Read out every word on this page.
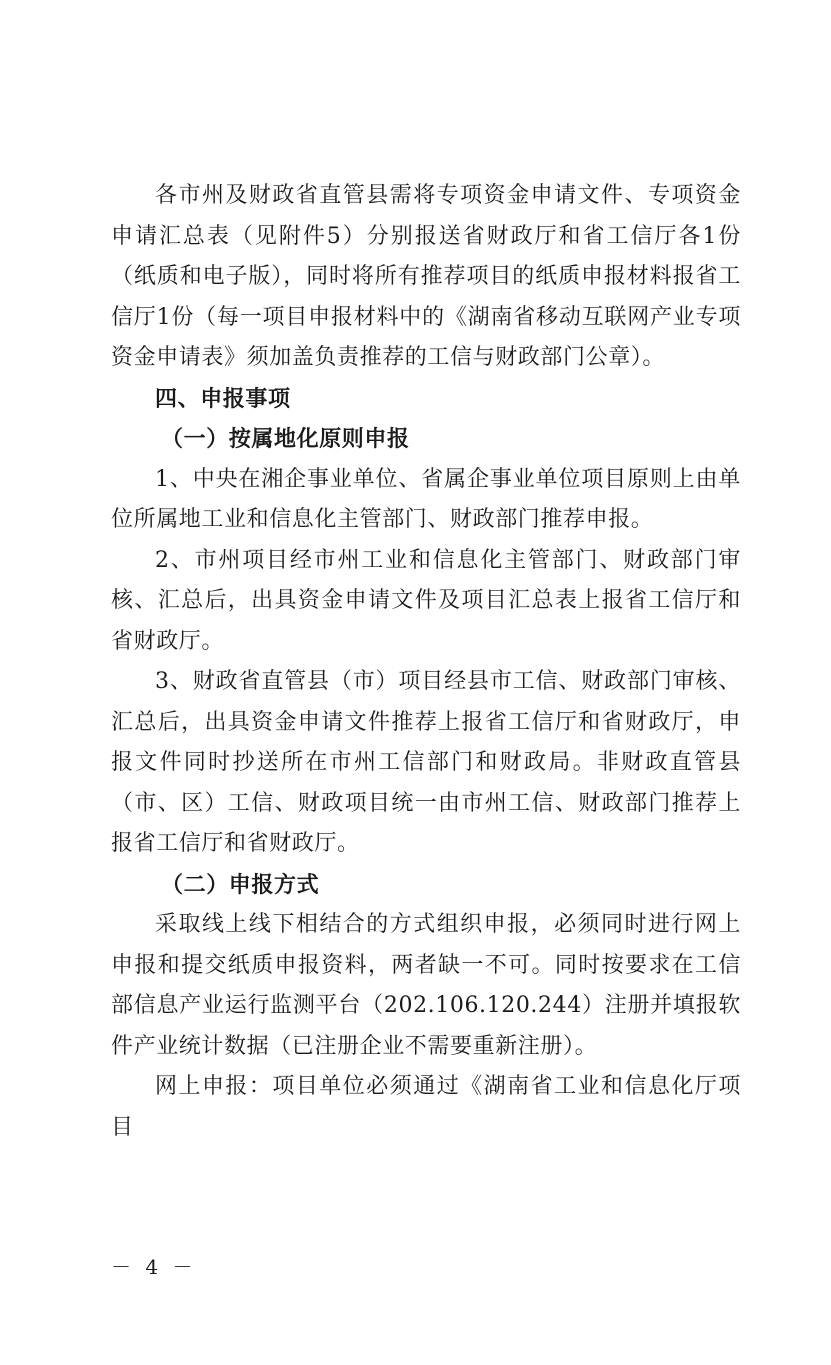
各市州及财政省直管县需将专项资金申请文件、专项资金申请汇总表（见附件5）分别报送省财政厅和省工信厅各1份（纸质和电子版），同时将所有推荐项目的纸质申报材料报省工信厅1份（每一项目申报材料中的《湖南省移动互联网产业专项资金申请表》须加盖负责推荐的工信与财政部门公章）。

四、申报事项

（一）按属地化原则申报

1、中央在湘企事业单位、省属企事业单位项目原则上由单位所属地工业和信息化主管部门、财政部门推荐申报。

2、市州项目经市州工业和信息化主管部门、财政部门审核、汇总后，出具资金申请文件及项目汇总表上报省工信厅和省财政厅。

3、财政省直管县（市）项目经县市工信、财政部门审核、汇总后，出具资金申请文件推荐上报省工信厅和省财政厅，申报文件同时抄送所在市州工信部门和财政局。非财政直管县（市、区）工信、财政项目统一由市州工信、财政部门推荐上报省工信厅和省财政厅。

（二）申报方式

采取线上线下相结合的方式组织申报，必须同时进行网上申报和提交纸质申报资料，两者缺一不可。同时按要求在工信部信息产业运行监测平台（202.106.120.244）注册并填报软件产业统计数据（已注册企业不需要重新注册）。

网上申报：项目单位必须通过《湖南省工业和信息化厅项目

－ 4 －
